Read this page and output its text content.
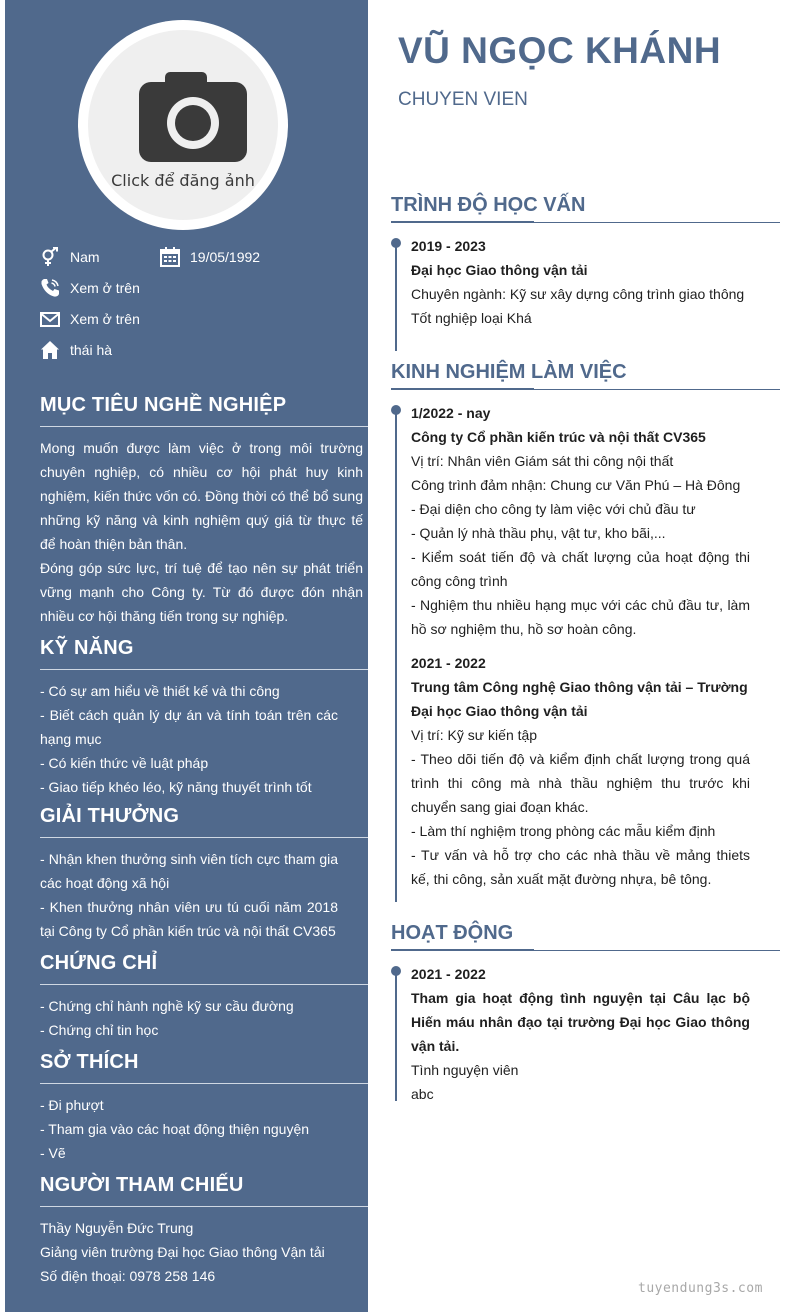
Click để đăng ảnh
Nam	19/05/1992
Xem ở trên
Xem ở trên
thái hà
MỤC TIÊU NGHỀ NGHIỆP
Mong muốn được làm việc ở trong môi trường chuyên nghiệp, có nhiều cơ hội phát huy kinh nghiệm, kiến thức vốn có. Đồng thời có thể bổ sung những kỹ năng và kinh nghiệm quý giá từ thực tế để hoàn thiện bản thân.
Đóng góp sức lực, trí tuệ để tạo nên sự phát triển vững mạnh cho Công ty. Từ đó được đón nhận nhiều cơ hội thăng tiến trong sự nghiệp.
KỸ NĂNG
- Có sự am hiểu về thiết kế và thi công
- Biết cách quản lý dự án và tính toán trên các hạng mục
- Có kiến thức về luật pháp
- Giao tiếp khéo léo, kỹ năng thuyết trình tốt
GIẢI THƯỞNG
- Nhận khen thưởng sinh viên tích cực tham gia các hoạt động xã hội
- Khen thưởng nhân viên ưu tú cuối năm 2018 tại Công ty Cổ phần kiến trúc và nội thất CV365
CHỨNG CHỈ
- Chứng chỉ hành nghề kỹ sư cầu đường
- Chứng chỉ tin học
SỞ THÍCH
- Đi phượt
- Tham gia vào các hoạt động thiện nguyện
- Vẽ
NGƯỜI THAM CHIẾU
Thầy Nguyễn Đức Trung
Giảng viên trường Đại học Giao thông Vận tải
Số điện thoại: 0978 258 146
VŨ NGỌC KHÁNH
CHUYEN VIEN
TRÌNH ĐỘ HỌC VẤN
2019 - 2023
Đại học Giao thông vận tải
Chuyên ngành: Kỹ sư xây dựng công trình giao thông
Tốt nghiệp loại Khá
KINH NGHIỆM LÀM VIỆC
1/2022 - nay
Công ty Cổ phần kiến trúc và nội thất CV365
Vị trí: Nhân viên Giám sát thi công nội thất
Công trình đảm nhận: Chung cư Văn Phú – Hà Đông
- Đại diện cho công ty làm việc với chủ đầu tư
- Quản lý nhà thầu phụ, vật tư, kho bãi,...
- Kiểm soát tiến độ và chất lượng của hoạt động thi công công trình
- Nghiệm thu nhiều hạng mục với các chủ đầu tư, làm hồ sơ nghiệm thu, hồ sơ hoàn công.
2021 - 2022
Trung tâm Công nghệ Giao thông vận tải – Trường Đại học Giao thông vận tải
Vị trí: Kỹ sư kiến tập
- Theo dõi tiến độ và kiểm định chất lượng trong quá trình thi công mà nhà thầu nghiệm thu trước khi chuyển sang giai đoạn khác.
- Làm thí nghiệm trong phòng các mẫu kiểm định
- Tư vấn và hỗ trợ cho các nhà thầu về mảng thiets kế, thi công, sản xuất mặt đường nhựa, bê tông.
HOẠT ĐỘNG
2021 - 2022
Tham gia hoạt động tình nguyện tại Câu lạc bộ Hiến máu nhân đạo tại trường Đại học Giao thông vận tải.
Tình nguyện viên
abc
tuyendung3s.com
